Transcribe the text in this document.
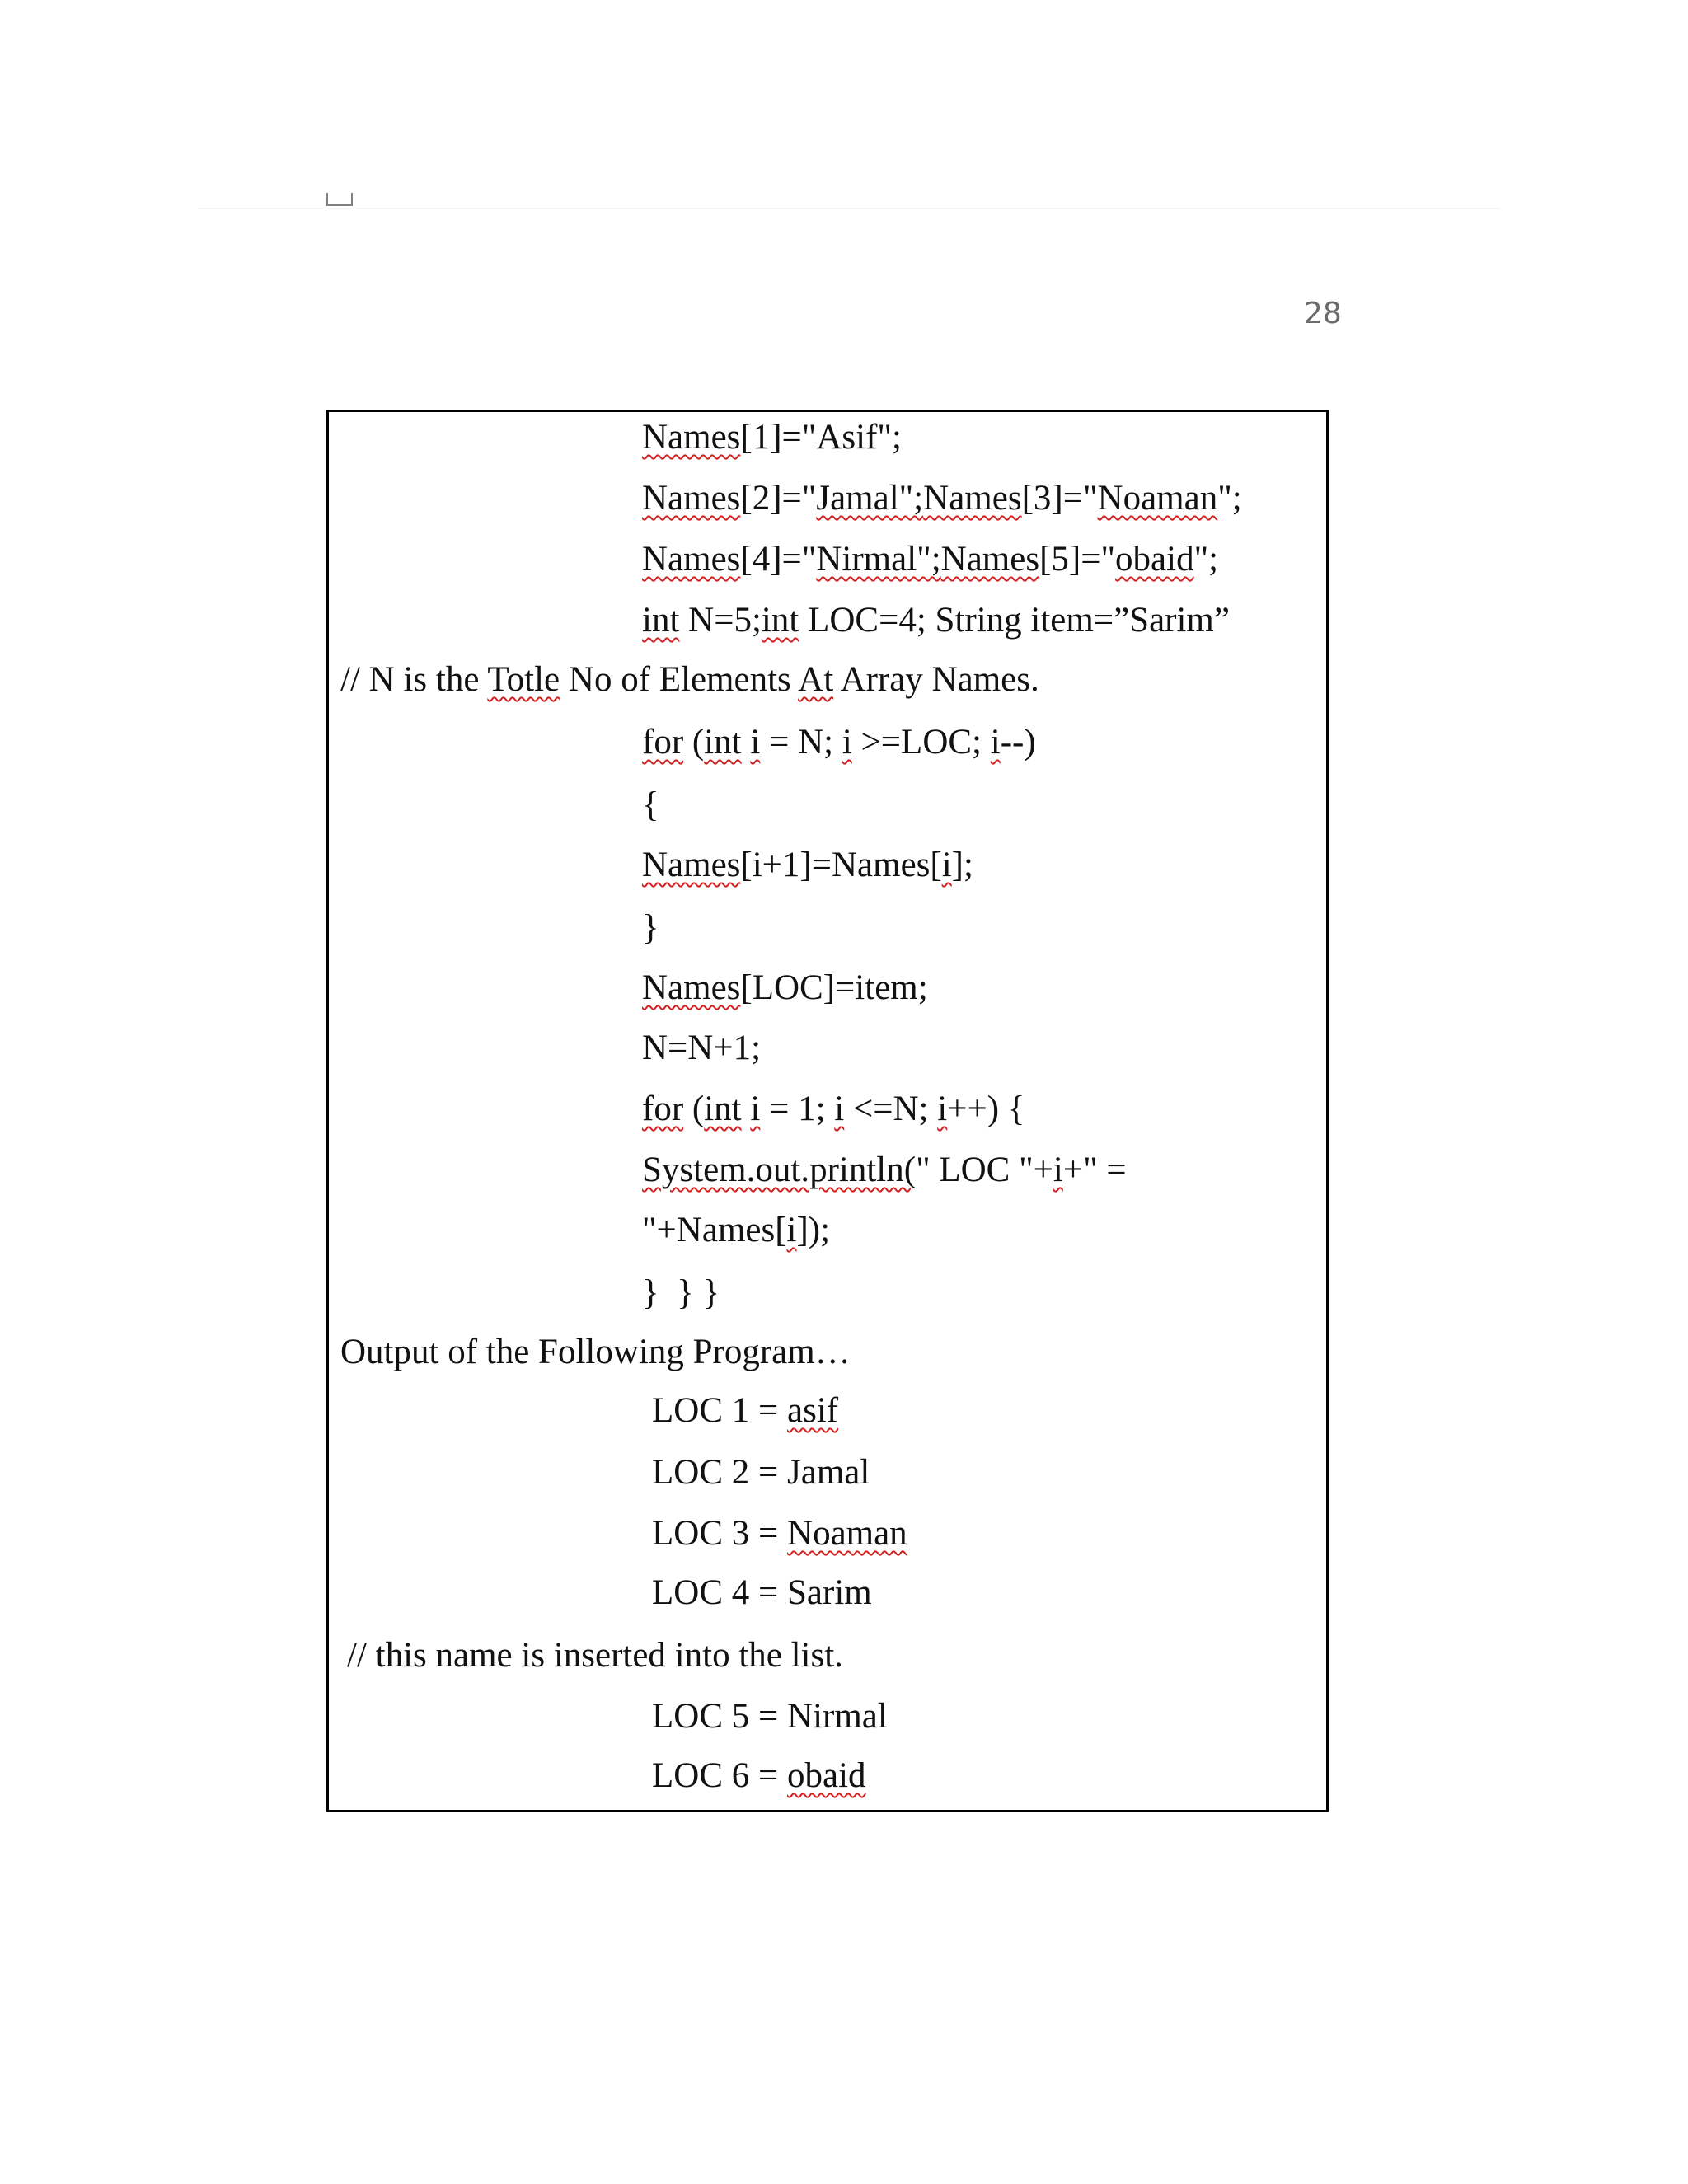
28
Names[1]="Asif";
Names[2]="Jamal";Names[3]="Noaman";
Names[4]="Nirmal";Names[5]="obaid";
int N=5;int LOC=4; String item=”Sarim”
// N is the Totle No of Elements At Array Names.
for (int i = N; i >=LOC; i--)
{
Names[i+1]=Names[i];
}
Names[LOC]=item;
N=N+1;
for (int i = 1; i <=N; i++) {
System.out.println(" LOC "+i+" =
"+Names[i]);
}  } }
Output of the Following Program…
LOC 1 = asif
LOC 2 = Jamal
LOC 3 = Noaman
LOC 4 = Sarim
// this name is inserted into the list.
LOC 5 = Nirmal
LOC 6 = obaid
